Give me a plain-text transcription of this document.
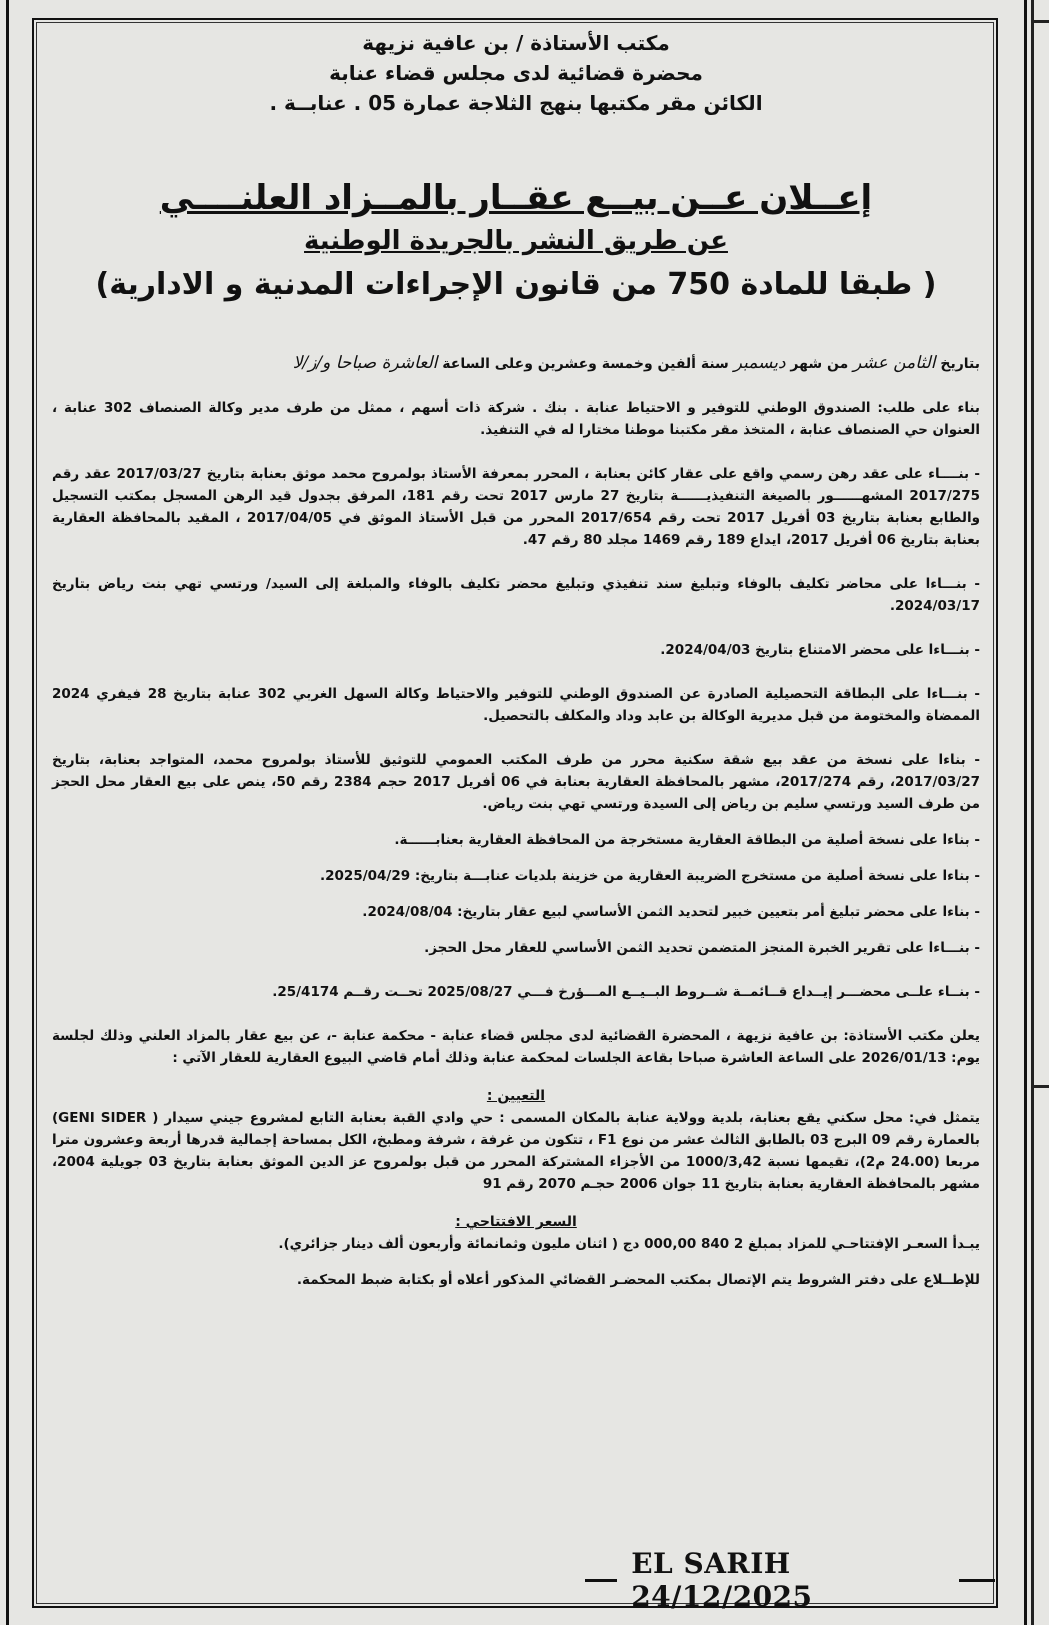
مكتب الأستاذة / بن عافية نزيهة
محضرة قضائية لدى مجلس قضاء عنابة
الكائن مقر مكتبها بنهج الثلاجة عمارة 05 . عنابــة .
إعــلان عــن بيــع عقــار بالمــزاد العلنــــي
عن طريق النشر بالجريدة الوطنية
( طبقا للمادة 750 من قانون الإجراءات المدنية و الادارية)

بتاريخ الثامن عشر من شهر ديسمبر سنة ألفين وخمسة وعشرين وعلى الساعة العاشرة صباحا و/ز/لا

بناء على طلب: الصندوق الوطني للتوفير و الاحتياط عنابة . بنك . شركة ذات أسهم ، ممثل من طرف مدير وكالة الصنصاف 302 عنابة ، العنوان حي الصنصاف عنابة ، المتخذ مقر مكتبنا موطنا مختارا له في التنفيذ.

- بنــــاء على عقد رهن رسمي واقع على عقار كائن بعنابة ، المحرر بمعرفة الأستاذ بولمروح محمد موثق بعنابة بتاريخ 2017/03/27 عقد رقم 2017/275 المشهــــــور بالصيغة التنفيذيــــــة بتاريخ 27 مارس 2017 تحت رقم 181، المرفق بجدول قيد الرهن المسجل بمكتب التسجيل والطابع بعنابة بتاريخ 03 أفريل 2017 تحت رقم 2017/654 المحرر من قبل الأستاذ الموثق في 2017/04/05 ، المقيد بالمحافظة العقارية بعنابة بتاريخ 06 أفريل 2017، ايداع 189 رقم 1469 مجلد 80 رقم 47.

- بنـــاءا على محاضر تكليف بالوفاء وتبليغ سند تنفيذي وتبليغ محضر تكليف بالوفاء والمبلغة إلى السيد/ ورتسي تهي بنت رياض بتاريخ 2024/03/17.

- بنـــاءا على محضر الامتناع بتاريخ 2024/04/03.

- بنـــاءا على البطاقة التحصيلية الصادرة عن الصندوق الوطني للتوفير والاحتياط وكالة السهل الغربي 302 عنابة بتاريخ 28 فيفري 2024 الممضاة والمختومة من قبل مديرية الوكالة بن عابد وداد والمكلف بالتحصيل.

- بناءا على نسخة من عقد بيع شقة سكنية محرر من طرف المكتب العمومي للتوثيق للأستاذ بولمروح محمد، المتواجد بعنابة، بتاريخ 2017/03/27، رقم 2017/274، مشهر بالمحافظة العقارية بعنابة في 06 أفريل 2017 حجم 2384 رقم 50، ينص على بيع العقار محل الحجز من طرف السيد ورتسي سليم بن رياض إلى السيدة ورتسي تهي بنت رياض.

- بناءا على نسخة أصلية من البطاقة العقارية مستخرجة من المحافظة العقارية بعنابــــــة.

- بناءا على نسخة أصلية من مستخرج الضريبة العقارية من خزينة بلديات عنابـــة بتاريخ: 2025/04/29.

- بناءا على محضر تبليغ أمر بتعيين خبير لتحديد الثمن الأساسي لبيع عقار بتاريخ: 2024/08/04.

- بنـــاءا على تقرير الخبرة المنجز المتضمن تحديد الثمن الأساسي للعقار محل الحجز.

- بنــاء علــى محضـــر إيــداع قــائمــة شــروط البــيــع المـــؤرخ فـــي 2025/08/27 تحــت رقــم 25/4174.

يعلن مكتب الأستاذة: بن عافية نزيهة ، المحضرة القضائية لدى مجلس قضاء عنابة - محكمة عنابة -، عن بيع عقار بالمزاد العلني وذلك لجلسة يوم: 2026/01/13 على الساعة العاشرة صباحا بقاعة الجلسات لمحكمة عنابة وذلك أمام قاضي البيوع العقارية للعقار الآتي :

التعيين :

يتمثل في: محل سكني يقع بعنابة، بلدية وولاية عنابة بالمكان المسمى : حي وادي القبة بعنابة التابع لمشروع جيني سيدار ( GENI SIDER) بالعمارة رقم 09 البرج 03 بالطابق الثالث عشر من نوع F1 ، تتكون من غرفة ، شرفة ومطبخ، الكل بمساحة إجمالية قدرها أربعة وعشرون مترا مربعا (24.00 م2)، تقيمها نسبة 1000/3,42 من الأجزاء المشتركة المحرر من قبل بولمروح عز الدين الموثق بعنابة بتاريخ 03 جويلية 2004، مشهر بالمحافظة العقارية بعنابة بتاريخ 11 جوان 2006 حجـم 2070 رقم 91

السعر الافتتاحي :

يبـدأ السعـر الإفتتاحـي للمزاد بمبلغ 2 840 000,00 دج ( اثنان مليون وثمانمائة وأربعون ألف دينار جزائري).

للإطــلاع على دفتر الشروط يتم الإتصال بمكتب المحضـر القضائي المذكور أعلاه أو بكتابة ضبط المحكمة.

EL SARIH 24/12/2025
